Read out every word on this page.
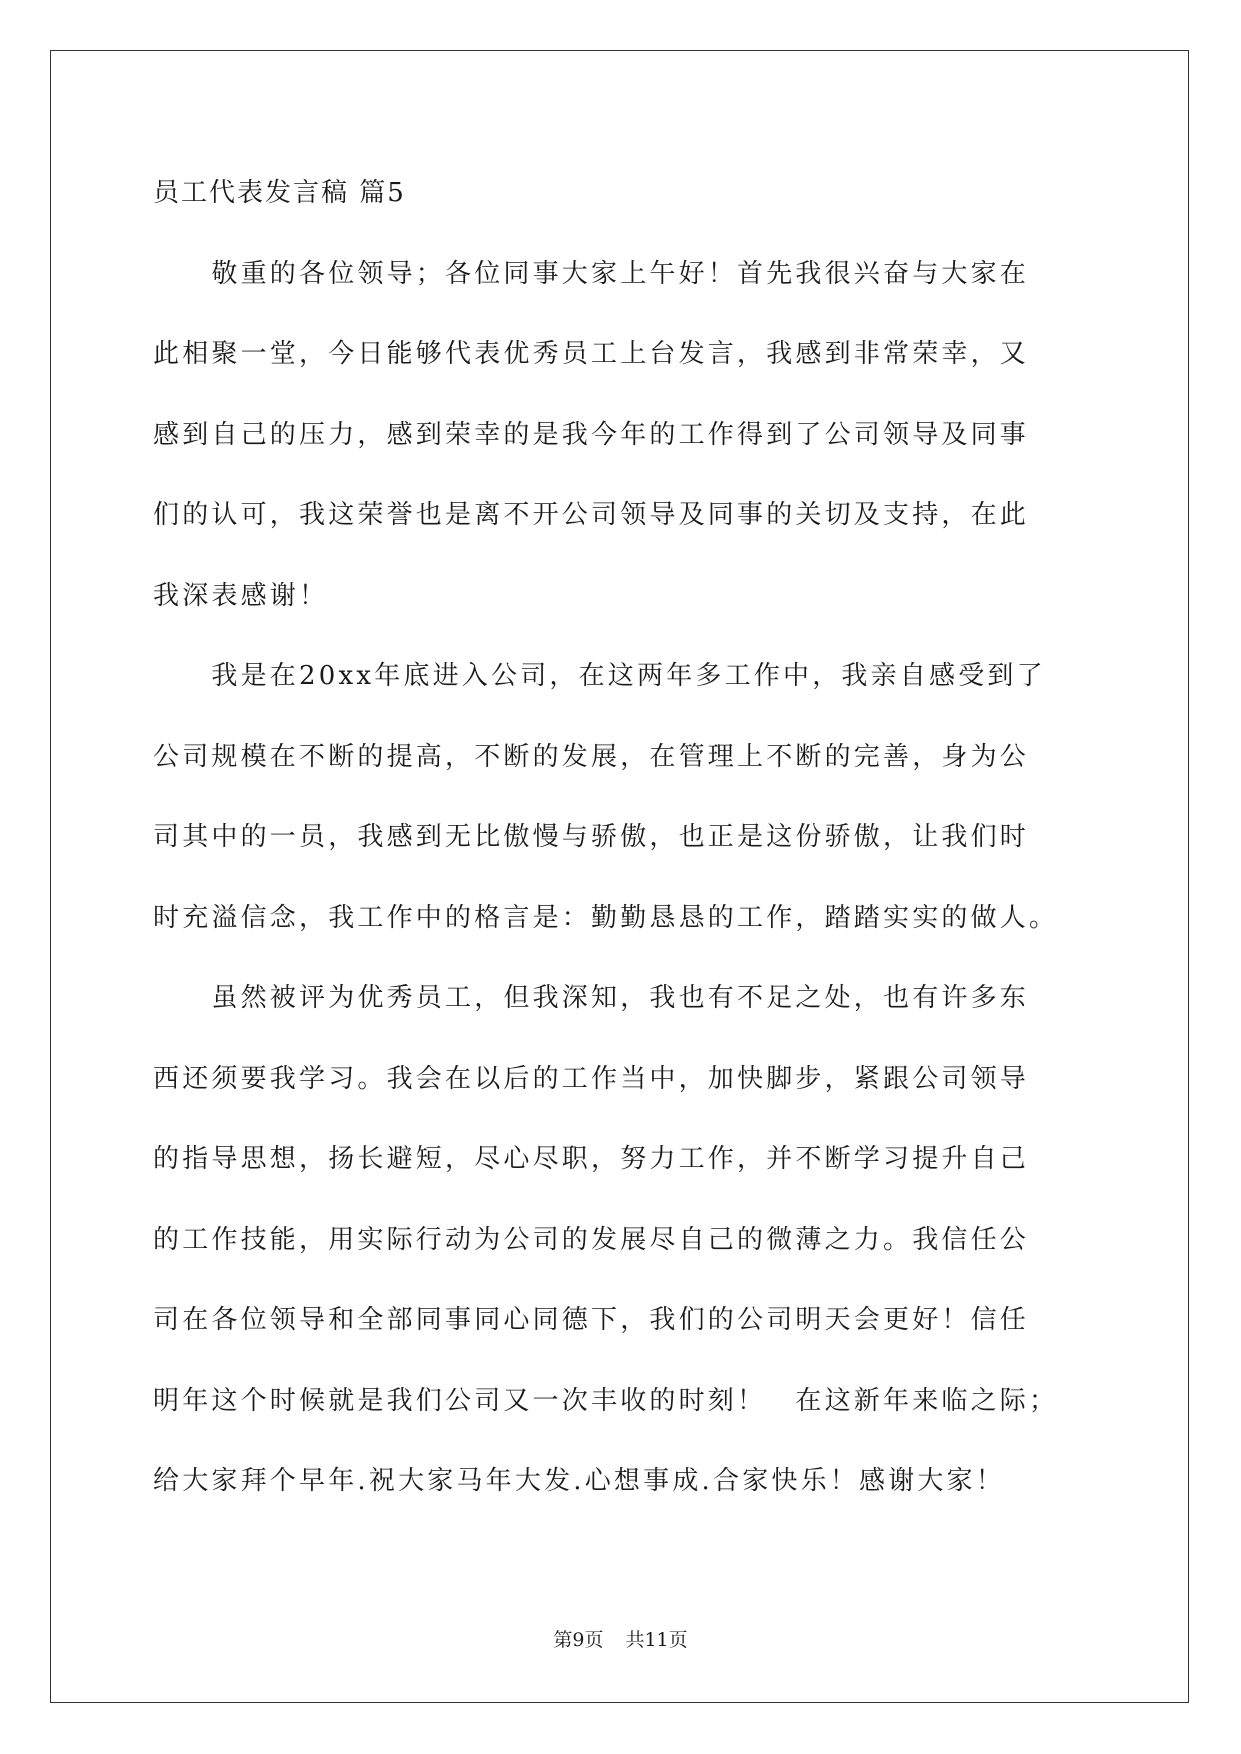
员工代表发言稿 篇5
　　敬重的各位领导；各位同事大家上午好！首先我很兴奋与大家在
此相聚一堂，今日能够代表优秀员工上台发言，我感到非常荣幸，又
感到自己的压力，感到荣幸的是我今年的工作得到了公司领导及同事
们的认可，我这荣誉也是离不开公司领导及同事的关切及支持，在此
我深表感谢！
　　我是在20xx年底进入公司，在这两年多工作中，我亲自感受到了
公司规模在不断的提高，不断的发展，在管理上不断的完善，身为公
司其中的一员，我感到无比傲慢与骄傲，也正是这份骄傲，让我们时
时充溢信念，我工作中的格言是：勤勤恳恳的工作，踏踏实实的做人。
　　虽然被评为优秀员工，但我深知，我也有不足之处，也有许多东
西还须要我学习。我会在以后的工作当中，加快脚步，紧跟公司领导
的指导思想，扬长避短，尽心尽职，努力工作，并不断学习提升自己
的工作技能，用实际行动为公司的发展尽自己的微薄之力。我信任公
司在各位领导和全部同事同心同德下，我们的公司明天会更好！信任
明年这个时候就是我们公司又一次丰收的时刻！　在这新年来临之际；
给大家拜个早年.祝大家马年大发.心想事成.合家快乐！感谢大家！
第9页 共11页
